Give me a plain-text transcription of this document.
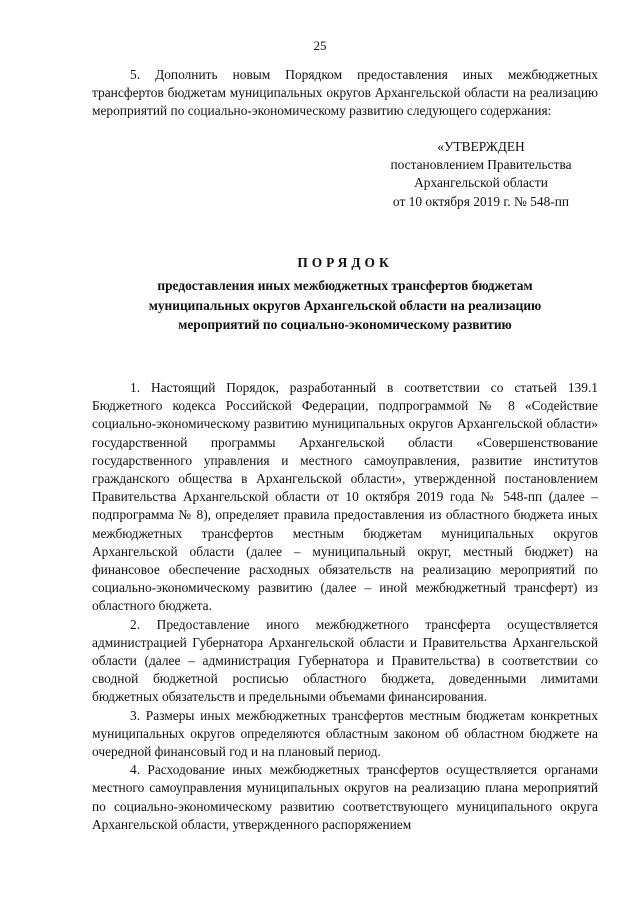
25

5. Дополнить новым Порядком предоставления иных межбюджетных трансфертов бюджетам муниципальных округов Архангельской области на реализацию мероприятий по социально-экономическому развитию следующего содержания:

«УТВЕРЖДЕН
постановлением Правительства
Архангельской области
от 10 октября 2019 г. № 548-пп
ПОРЯДОК
предоставления иных межбюджетных трансфертов бюджетам
муниципальных округов Архангельской области на реализацию
мероприятий по социально-экономическому развитию

1. Настоящий Порядок, разработанный в соответствии со статьей 139.1 Бюджетного кодекса Российской Федерации, подпрограммой № 8 «Содействие социально-экономическому развитию муниципальных округов Архангельской области» государственной программы Архангельской области «Совершенствование государственного управления и местного самоуправления, развитие институтов гражданского общества в Архангельской области», утвержденной постановлением Правительства Архангельской области от 10 октября 2019 года № 548-пп (далее – подпрограмма № 8), определяет правила предоставления из областного бюджета иных межбюджетных трансфертов местным бюджетам муниципальных округов Архангельской области (далее – муниципальный округ, местный бюджет) на финансовое обеспечение расходных обязательств на реализацию мероприятий по социально-экономическому развитию (далее – иной межбюджетный трансферт) из областного бюджета.

2. Предоставление иного межбюджетного трансферта осуществляется администрацией Губернатора Архангельской области и Правительства Архангельской области (далее – администрация Губернатора и Правительства) в соответствии со сводной бюджетной росписью областного бюджета, доведенными лимитами бюджетных обязательств и предельными объемами финансирования.

3. Размеры иных межбюджетных трансфертов местным бюджетам конкретных муниципальных округов определяются областным законом об областном бюджете на очередной финансовый год и на плановый период.

4. Расходование иных межбюджетных трансфертов осуществляется органами местного самоуправления муниципальных округов на реализацию плана мероприятий по социально-экономическому развитию соответствующего муниципального округа Архангельской области, утвержденного распоряжением
